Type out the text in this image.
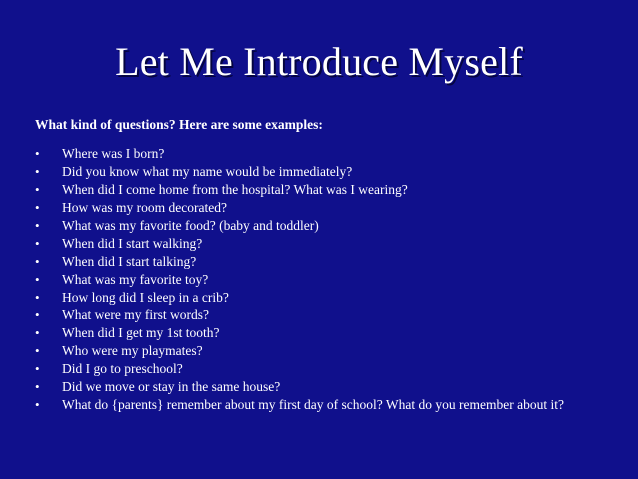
Let Me Introduce Myself
What kind of questions? Here are some examples:
•	Where was I born?
•	Did you know what my name would be immediately?
•	When did I come home from the hospital? What was I wearing?
•	How was my room decorated?
•	What was my favorite food? (baby and toddler)
•	When did I start walking?
•	When did I start talking?
•	What was my favorite toy?
•	How long did I sleep in a crib?
•	What were my first words?
•	When did I get my 1st tooth?
•	Who were my playmates?
•	Did I go to preschool?
•	Did we move or stay in the same house?
•	What do {parents} remember about my first day of school? What do you remember about it?
